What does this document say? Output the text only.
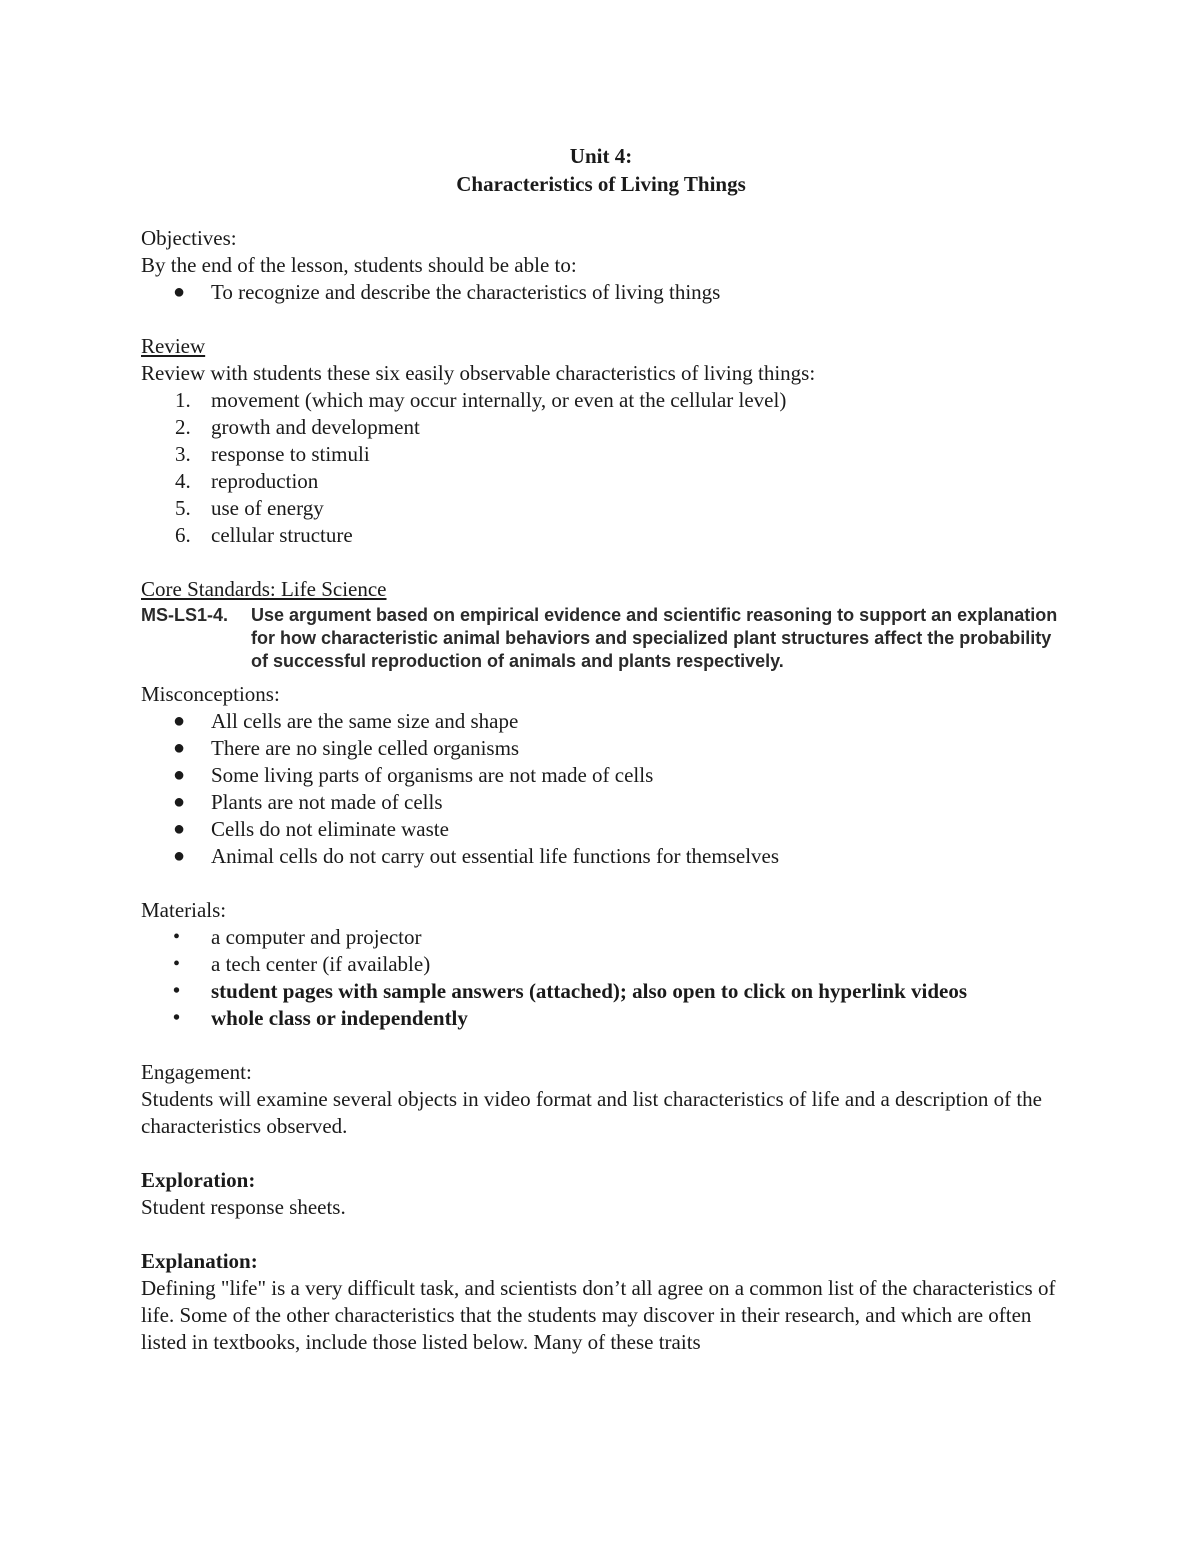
Unit 4:

Characteristics of Living Things

Objectives:

By the end of the lesson, students should be able to:

● To recognize and describe the characteristics of living things

Review

Review with students these six easily observable characteristics of living things:

1. movement (which may occur internally, or even at the cellular level)
2. growth and development
3. response to stimuli
4. reproduction
5. use of energy
6. cellular structure

Core Standards: Life Science

MS-LS1-4.	Use argument based on empirical evidence and scientific reasoning to support an explanation for how characteristic animal behaviors and specialized plant structures affect the probability of successful reproduction of animals and plants respectively.

Misconceptions:

● All cells are the same size and shape
● There are no single celled organisms
● Some living parts of organisms are not made of cells
● Plants are not made of cells
● Cells do not eliminate waste
● Animal cells do not carry out essential life functions for themselves

Materials:

• a computer and projector
• a tech center (if available)
• student pages with sample answers (attached); also open to click on hyperlink videos
• whole class or independently

Engagement:

Students will examine several objects in video format and list characteristics of life and a description of the characteristics observed.

Exploration:

Student response sheets.

Explanation:

Defining "life" is a very difficult task, and scientists don’t all agree on a common list of the characteristics of life. Some of the other characteristics that the students may discover in their research, and which are often listed in textbooks, include those listed below. Many of these traits
